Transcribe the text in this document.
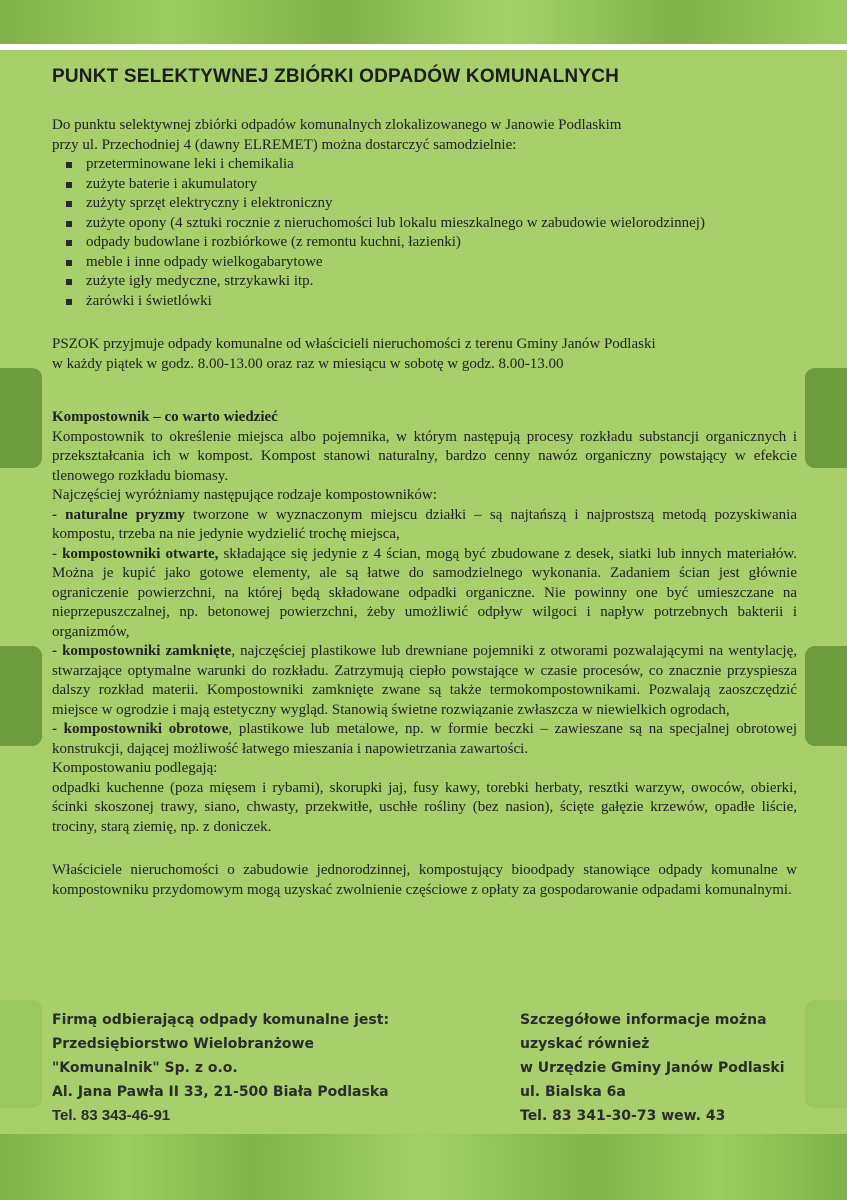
PUNKT SELEKTYWNEJ ZBIÓRKI ODPADÓW KOMUNALNYCH

Do punktu selektywnej zbiórki odpadów komunalnych zlokalizowanego w Janowie Podlaskim

przy ul. Przechodniej 4 (dawny ELREMET) można dostarczyć samodzielnie:

przeterminowane leki i chemikalia
zużyte baterie i akumulatory
zużyty sprzęt elektryczny i elektroniczny
zużyte opony (4 sztuki rocznie z nieruchomości lub lokalu mieszkalnego w zabudowie wielorodzinnej)
odpady budowlane i rozbiórkowe (z remontu kuchni, łazienki)
meble i inne odpady wielkogabarytowe
zużyte igły medyczne, strzykawki itp.
żarówki i świetlówki

PSZOK przyjmuje odpady komunalne od właścicieli nieruchomości z terenu Gminy Janów Podlaski

w każdy piątek w godz. 8.00-13.00 oraz raz w miesiącu w sobotę w godz. 8.00-13.00

Kompostownik – co warto wiedzieć

Kompostownik to określenie miejsca albo pojemnika, w którym następują procesy rozkładu substancji organicznych i przekształcania ich w kompost. Kompost stanowi naturalny, bardzo cenny nawóz organiczny powstający w efekcie tlenowego rozkładu biomasy.

Najczęściej wyróżniamy następujące rodzaje kompostowników:

- naturalne pryzmy tworzone w wyznaczonym miejscu działki – są najtańszą i najprostszą metodą pozyskiwania kompostu, trzeba na nie jedynie wydzielić trochę miejsca,

- kompostowniki otwarte, składające się jedynie z 4 ścian, mogą być zbudowane z desek, siatki lub innych materiałów. Można je kupić jako gotowe elementy, ale są łatwe do samodzielnego wykonania. Zadaniem ścian jest głównie ograniczenie powierzchni, na której będą składowane odpadki organiczne. Nie powinny one być umieszczane na nieprzepuszczalnej, np. betonowej powierzchni, żeby umożliwić odpływ wilgoci i napływ potrzebnych bakterii i organizmów,

- kompostowniki zamknięte, najczęściej plastikowe lub drewniane pojemniki z otworami pozwalającymi na wentylację, stwarzające optymalne warunki do rozkładu. Zatrzymują ciepło powstające w czasie procesów, co znacznie przyspiesza dalszy rozkład materii. Kompostowniki zamknięte zwane są także termokompostownikami. Pozwalają zaoszczędzić miejsce w ogrodzie i mają estetyczny wygląd. Stanowią świetne rozwiązanie zwłaszcza w niewielkich ogrodach,

- kompostowniki obrotowe, plastikowe lub metalowe, np. w formie beczki – zawieszane są na specjalnej obrotowej konstrukcji, dającej możliwość łatwego mieszania i napowietrzania zawartości.

Kompostowaniu podlegają:

odpadki kuchenne (poza mięsem i rybami), skorupki jaj, fusy kawy, torebki herbaty, resztki warzyw, owoców, obierki, ścinki skoszonej trawy, siano, chwasty, przekwitłe, uschłe rośliny (bez nasion), ścięte gałęzie krzewów, opadłe liście, trociny, starą ziemię, np. z doniczek.

Właściciele nieruchomości o zabudowie jednorodzinnej, kompostujący bioodpady stanowiące odpady komunalne w kompostowniku przydomowym mogą uzyskać zwolnienie częściowe z opłaty za gospodarowanie odpadami komunalnymi.

Firmą odbierającą odpady komunalne jest:
Przedsiębiorstwo Wielobranżowe
"Komunalnik" Sp. z o.o.
Al. Jana Pawła II 33, 21-500 Biała Podlaska
Tel. 83 343-46-91
Szczegółowe informacje można
uzyskać również
w Urzędzie Gminy Janów Podlaski
ul. Bialska 6a
Tel. 83 341-30-73 wew. 43
